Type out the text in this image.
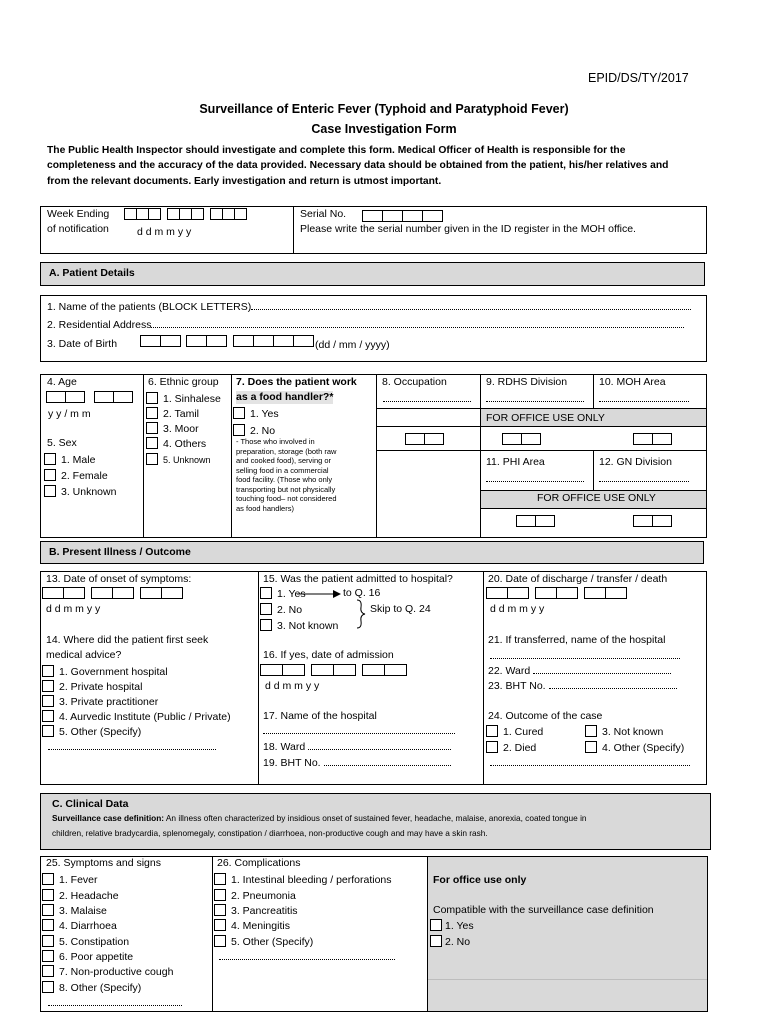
EPID/DS/TY/2017
Surveillance of Enteric Fever (Typhoid and Paratyphoid Fever)
Case Investigation Form
The Public Health Inspector should investigate and complete this form. Medical Officer of Health is responsible for the
completeness and the accuracy of the data provided. Necessary data should be obtained from the patient, his/her relatives and
from the relevant documents. Early investigation and return is utmost important.
Week Ending
of notification

	d d m m y y
Serial No.
Please write the serial number given in the ID register in the MOH office.
A. Patient Details
1. Name of the patients (BLOCK LETTERS)
2. Residential Address
3. Date of Birth

	(dd / mm / yyyy)
FOR OFFICE USE ONLY
FOR OFFICE USE ONLY
4. Age

y y / m m
5. Sex
1. Male
2. Female
3. Unknown
6. Ethnic group
1. Sinhalese
2. Tamil
3. Moor
4. Others
5. Unknown
7. Does the patient work
as a food handler?*
1. Yes
2. No
- Those who involved in
preparation, storage (both raw
and cooked food), serving or
selling food in a commercial
food facility. (Those who only
transporting but not physically
touching food– not considered
as food handlers)
8. Occupation	9. RDHS Division	10. MOH Area
11. PHI Area	12. GN Division
B. Present Illness / Outcome
13. Date of onset of symptoms:

d d m m y y
14. Where did the patient first seek
medical advice?
1. Government hospital
2. Private hospital
3. Private practitioner
4. Aurvedic Institute (Public / Private)
5. Other (Specify)
15. Was the patient admitted to hospital?
1. Yes	to Q. 16
2. No
3. Not known
Skip to Q. 24
16. If yes, date of admission

d d m m y y
17. Name of the hospital
18. Ward
19. BHT No.
20. Date of discharge / transfer / death

d d m m y y
21. If transferred, name of the hospital
22. Ward
23. BHT No.
24. Outcome of the case
1. Cured
2. Died
3. Not known
4. Other (Specify)
C. Clinical Data
Surveillance case definition: An illness often characterized by insidious onset of sustained fever, headache, malaise, anorexia, coated tongue in
children, relative bradycardia, splenomegaly, constipation / diarrhoea, non-productive cough and may have a skin rash.
25. Symptoms and signs
1. Fever
2. Headache
3. Malaise
4. Diarrhoea
5. Constipation
6. Poor appetite
7. Non-productive cough
8. Other (Specify)
26. Complications
1. Intestinal bleeding / perforations
2. Pneumonia
3. Pancreatitis
4. Meningitis
5. Other (Specify)
For office use only
Compatible with the surveillance case definition
1. Yes
2. No
